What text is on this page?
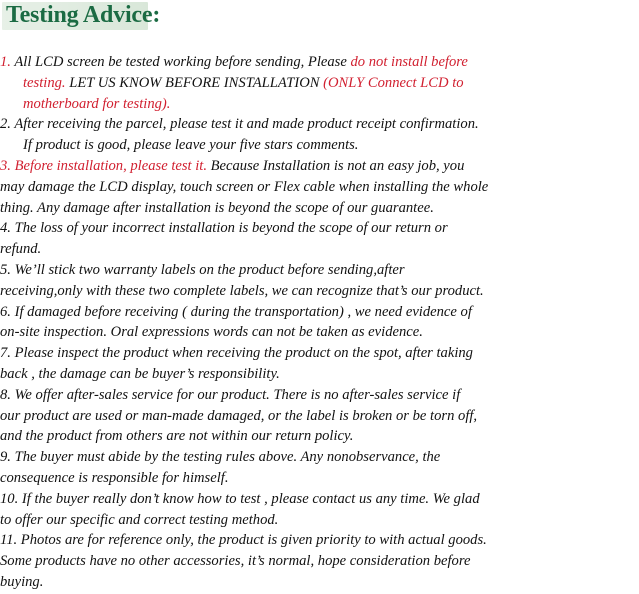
Testing Advice:
1. All LCD screen be tested working before sending, Please do not install before
testing. LET US KNOW BEFORE INSTALLATION (ONLY Connect LCD to
motherboard for testing).
2. After receiving the parcel, please test it and made product receipt confirmation.
If product is good, please leave your five stars comments.
3. Before installation, please test it. Because Installation is not an easy job, you
may damage the LCD display, touch screen or Flex cable when installing the whole
thing. Any damage after installation is beyond the scope of our guarantee.
4. The loss of your incorrect installation is beyond the scope of our return or
refund.
5. We’ll stick two warranty labels on the product before sending,after
receiving,only with these two complete labels, we can recognize that’s our product.
6. If damaged before receiving ( during the transportation) , we need evidence of
on-site inspection. Oral expressions words can not be taken as evidence.
7. Please inspect the product when receiving the product on the spot, after taking
back , the damage can be buyer’s responsibility.
8. We offer after-sales service for our product. There is no after-sales service if
our product are used or man-made damaged, or the label is broken or be torn off,
and the product from others are not within our return policy.
9. The buyer must abide by the testing rules above. Any nonobservance, the
consequence is responsible for himself.
10. If the buyer really don’t know how to test , please contact us any time. We glad
to offer our specific and correct testing method.
11. Photos are for reference only, the product is given priority to with actual goods.
Some products have no other accessories, it’s normal, hope consideration before
buying.
